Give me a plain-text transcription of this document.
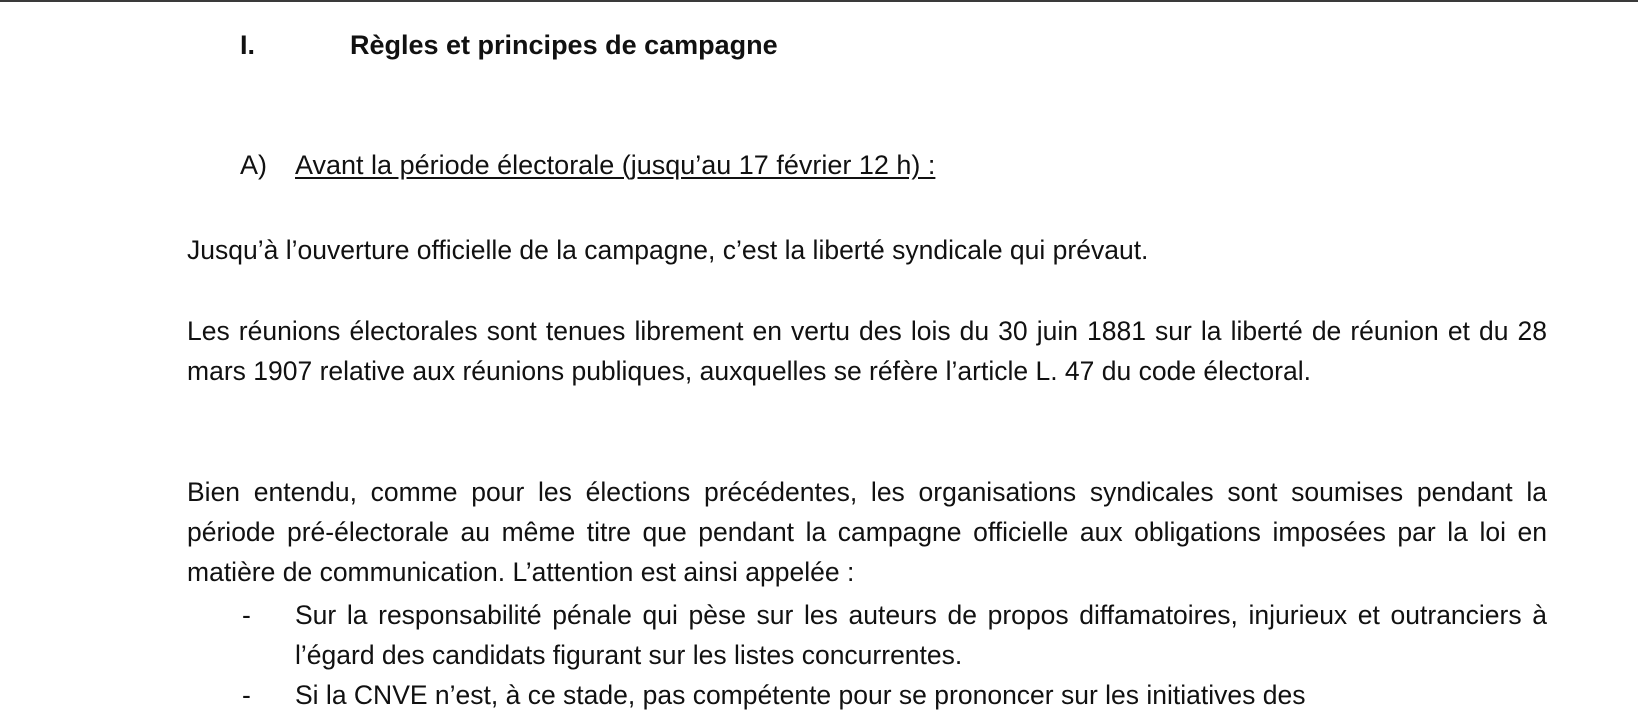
I.	Règles et principes de campagne
A) Avant la période électorale (jusqu’au 17 février 12 h) :
Jusqu’à l’ouverture officielle de la campagne, c’est la liberté syndicale qui prévaut.
Les réunions électorales sont tenues librement en vertu des lois du 30 juin 1881 sur la liberté de réunion et du 28 mars 1907 relative aux réunions publiques, auxquelles se réfère l’article L. 47 du code électoral.
Bien entendu, comme pour les élections précédentes, les organisations syndicales sont soumises pendant la période pré-électorale au même titre que pendant la campagne officielle aux obligations imposées par la loi en matière de communication. L’attention est ainsi appelée :
- Sur la responsabilité pénale qui pèse sur les auteurs de propos diffamatoires, injurieux et outranciers à l’égard des candidats figurant sur les listes concurrentes.
- Si la CNVE n’est, à ce stade, pas compétente pour se prononcer sur les initiatives des
